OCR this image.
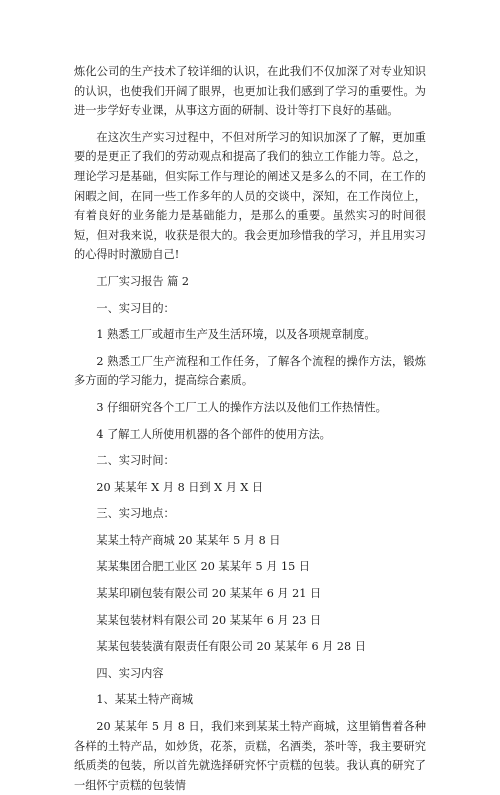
炼化公司的生产技术了较详细的认识，在此我们不仅加深了对专业知识的认识，也使我们开阔了眼界，也更加让我们感到了学习的重要性。为进一步学好专业课，从事这方面的研制、设计等打下良好的基础。

在这次生产实习过程中，不但对所学习的知识加深了了解，更加重要的是更正了我们的劳动观点和提高了我们的独立工作能力等。总之，理论学习是基础，但实际工作与理论的阐述又是多么的不同，在工作的闲暇之间，在同一些工作多年的人员的交谈中，深知，在工作岗位上，有着良好的业务能力是基础能力，是那么的重要。虽然实习的时间很短，但对我来说，收获是很大的。我会更加珍惜我的学习，并且用实习的心得时时激励自己!

工厂实习报告 篇 2

一、实习目的：

1 熟悉工厂或超市生产及生活环境，以及各项规章制度。

2 熟悉工厂生产流程和工作任务，了解各个流程的操作方法，锻炼多方面的学习能力，提高综合素质。

3 仔细研究各个工厂工人的操作方法以及他们工作热情性。

4 了解工人所使用机器的各个部件的使用方法。

二、实习时间：

20 某某年 X 月 8 日到 X 月 X 日

三、实习地点：

某某土特产商城 20 某某年 5 月 8 日

某某集团合肥工业区 20 某某年 5 月 15 日

某某印刷包装有限公司 20 某某年 6 月 21 日

某某包装材料有限公司 20 某某年 6 月 23 日

某某包装装潢有限责任有限公司 20 某某年 6 月 28 日

四、实习内容

1、某某土特产商城

20 某某年 5 月 8 日，我们来到某某土特产商城，这里销售着各种各样的土特产品，如炒货，花茶，贡糕，名酒类，茶叶等，我主要研究纸质类的包装，所以首先就选择研究怀宁贡糕的包装。我认真的研究了一组怀宁贡糕的包装情
